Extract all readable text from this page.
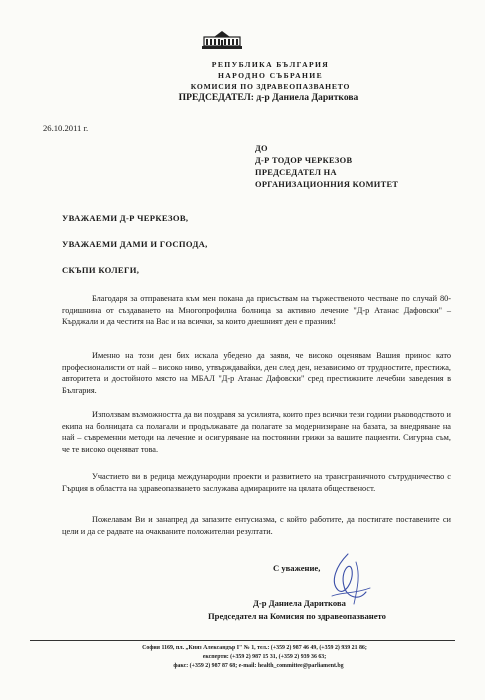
РЕПУБЛИКА БЪЛГАРИЯ
НАРОДНО СЪБРАНИЕ
КОМИСИЯ ПО ЗДРАВЕОПАЗВАНЕТО
ПРЕДСЕДАТЕЛ: д-р Даниела Дариткова
26.10.2011 г.
ДО
Д-Р ТОДОР ЧЕРКЕЗОВ
ПРЕДСЕДАТЕЛ НА
ОРГАНИЗАЦИОННИЯ КОМИТЕТ
УВАЖАЕМИ Д-Р ЧЕРКЕЗОВ,
УВАЖАЕМИ ДАМИ И ГОСПОДА,
СКЪПИ КОЛЕГИ,

Благодаря за отправената към мен покана да присъствам на тържественото честване по случай 80- годишнина от създаването на Многопрофилна болница за активно лечение "Д-р Атанас Дафовски" – Кърджали и да честитя на Вас и на всички, за които днешният ден е празник!

Именно на този ден бих искала убедено да заявя, че високо оценявам Вашия принос като професионалисти от най – високо ниво, утвърждавайки, ден след ден, независимо от трудностите, престижа, авторитета и достойното място на МБАЛ "Д-р Атанас Дафовски" сред престижните лечебни заведения в България.

Използвам възможността да ви поздравя за усилията, които през всички тези години ръководството и екипа на болницата са полагали и продължавате да полагате за модернизиране на базата, за внедряване на най – съвременни методи на лечение и осигуряване на постоянни грижи за вашите пациенти. Сигурна съм, че те високо оценяват това.

Участието ви в редица международни проекти и развитието на трансграничното сътрудничество с Гърция в областта на здравеопазването заслужава адмирациите на цялата общественост.

Пожелавам Ви и занапред да запазите ентусиазма, с който работите, да постигате поставените си цели и да се радвате на очакваните положителни резултати.

С уважение,
Д-р Даниела Дариткова
Председател на Комисия по здравеопазването
София 1169, пл. „Княз Александър I" № 1, тел.: (+359 2) 987 46 49, (+359 2) 939 21 86;
експерти: (+359 2) 987 15 31, (+359 2) 939 36 63;
факс: (+359 2) 987 87 68; e-mail: health_committee@parliament.bg
